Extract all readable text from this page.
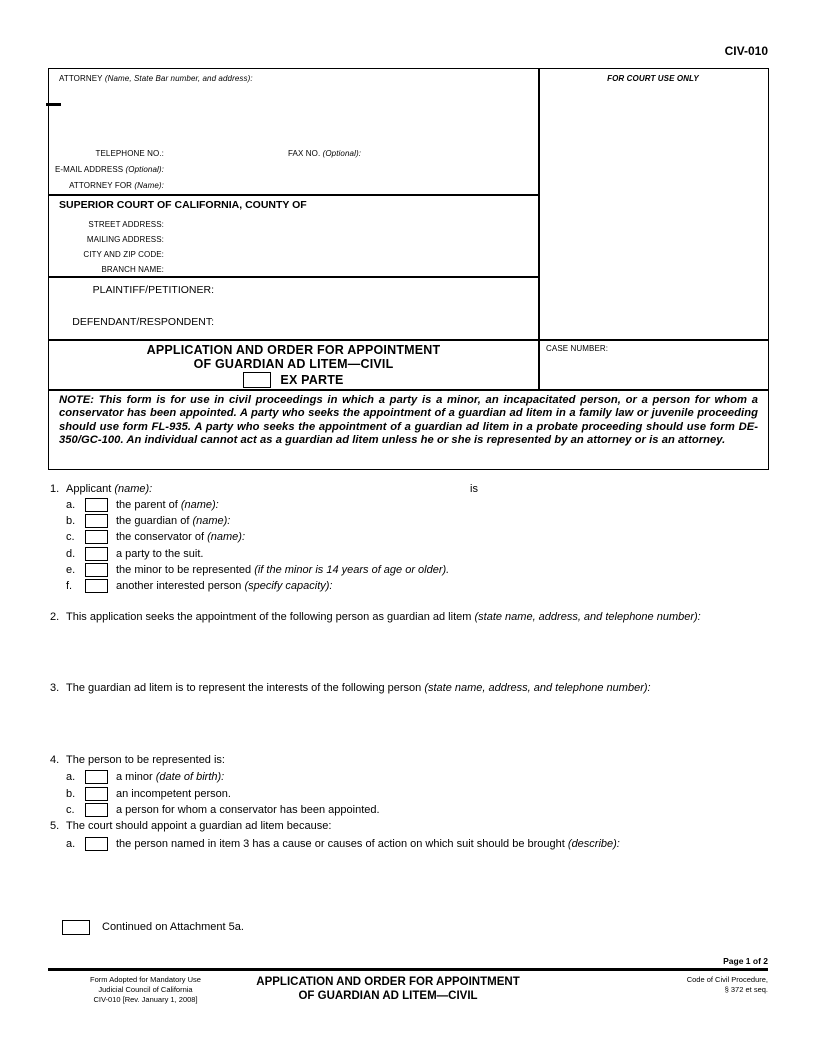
CIV-010
ATTORNEY (Name, State Bar number, and address):
TELEPHONE NO.:	FAX NO. (Optional):
E-MAIL ADDRESS (Optional):
ATTORNEY FOR (Name):
SUPERIOR COURT OF CALIFORNIA, COUNTY OF
STREET ADDRESS:
MAILING ADDRESS:
CITY AND ZIP CODE:
BRANCH NAME:
PLAINTIFF/PETITIONER:
DEFENDANT/RESPONDENT:
APPLICATION AND ORDER FOR APPOINTMENT
OF GUARDIAN AD LITEM—CIVIL
EX PARTE
FOR COURT USE ONLY
CASE NUMBER:
NOTE: This form is for use in civil proceedings in which a party is a minor, an incapacitated person, or a person for whom a conservator has been appointed. A party who seeks the appointment of a guardian ad litem in a family law or juvenile proceeding should use form FL-935. A party who seeks the appointment of a guardian ad litem in a probate proceeding should use form DE-350/GC-100. An individual cannot act as a guardian ad litem unless he or she is represented by an attorney or is an attorney.
1. Applicant (name):	is
a.	the parent of (name):
b.	the guardian of (name):
c.	the conservator of (name):
d.	a party to the suit.
e.	the minor to be represented (if the minor is 14 years of age or older).
f.	another interested person (specify capacity):
2. This application seeks the appointment of the following person as guardian ad litem (state name, address, and telephone number):
3. The guardian ad litem is to represent the interests of the following person (state name, address, and telephone number):
4. The person to be represented is:
a.	a minor (date of birth):
b.	an incompetent person.
c.	a person for whom a conservator has been appointed.
5. The court should appoint a guardian ad litem because:
a.	the person named in item 3 has a cause or causes of action on which suit should be brought (describe):
Continued on Attachment 5a.
Page 1 of 2
Form Adopted for Mandatory Use
Judicial Council of California
CIV-010 [Rev. January 1, 2008]
APPLICATION AND ORDER FOR APPOINTMENT
OF GUARDIAN AD LITEM—CIVIL
Code of Civil Procedure,
§ 372 et seq.
